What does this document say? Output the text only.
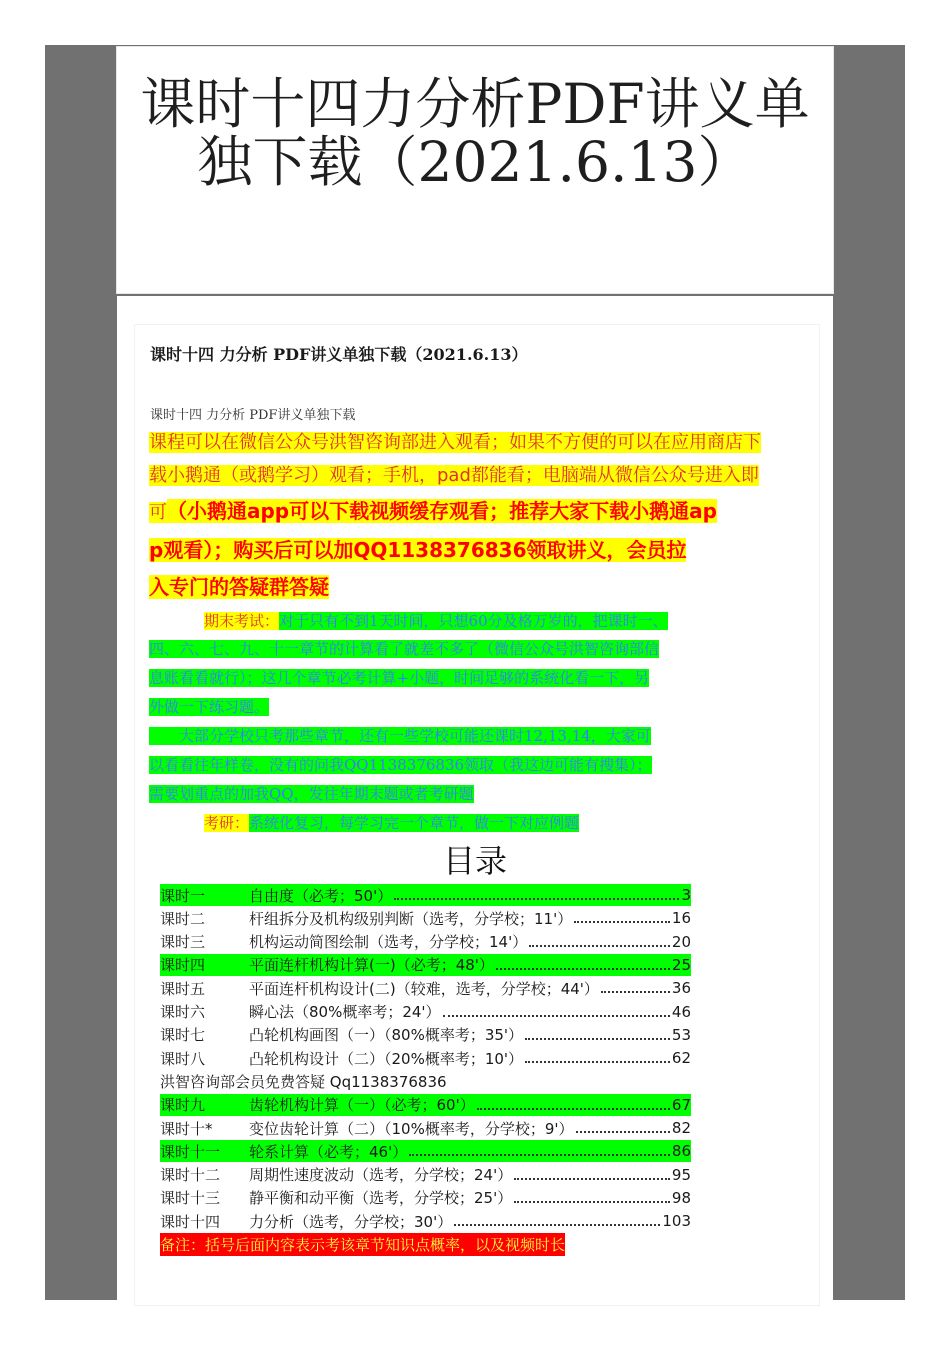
课时十四力分析PDF讲义单独下载（2021.6.13）
课时十四 力分析 PDF讲义单独下载（2021.6.13）
课时十四 力分析 PDF讲义单独下载
课程可以在微信公众号洪智咨询部进入观看；如果不方便的可以在应用商店下
载小鹅通（或鹅学习）观看；手机，pad都能看；电脑端从微信公众号进入即
可（小鹅通app可以下载视频缓存观看；推荐大家下载小鹅通ap
p观看）；购买后可以加QQ1138376836领取讲义，会员拉
入专门的答疑群答疑
期末考试：对于只有不到1天时间，只想60分及格万岁的，把课时一、
四、六、七、九、十一章节的计算看了就差不多了（微信公众号洪智咨询部信
息账看看就行）；这几个章节必考计算+小题，时间足够的系统化看一下，另
外做一下练习题。
大部分学校只考那些章节，还有一些学校可能还课时12,13,14，大家可
以看看往年样卷，没有的问我QQ1138376836领取（我这边可能有搜集）；
需要划重点的加我QQ，发往年期末题或者考研题
考研：系统化复习，每学习完一个章节，做一下对应例题
目录
课时一	自由度（必考；50'）	3
课时二	杆组拆分及机构级别判断（选考，分学校；11'）	16
课时三	机构运动简图绘制（选考，分学校；14'）	20
课时四	平面连杆机构计算(一)（必考；48'）	25
课时五	平面连杆机构设计(二)（较难，选考，分学校；44'）	36
课时六	瞬心法（80%概率考；24'）	46
课时七	凸轮机构画图（一）（80%概率考；35'）	53
课时八	凸轮机构设计（二）（20%概率考；10'）	62
洪智咨询部会员免费答疑 Qq1138376836
课时九	齿轮机构计算（一）（必考；60'）	67
课时十*	变位齿轮计算（二）（10%概率考，分学校；9'）	82
课时十一	轮系计算（必考；46'）	86
课时十二	周期性速度波动（选考，分学校；24'）	95
课时十三	静平衡和动平衡（选考，分学校；25'）	98
课时十四	力分析（选考，分学校；30'）	103
备注：括号后面内容表示考该章节知识点概率，以及视频时长
